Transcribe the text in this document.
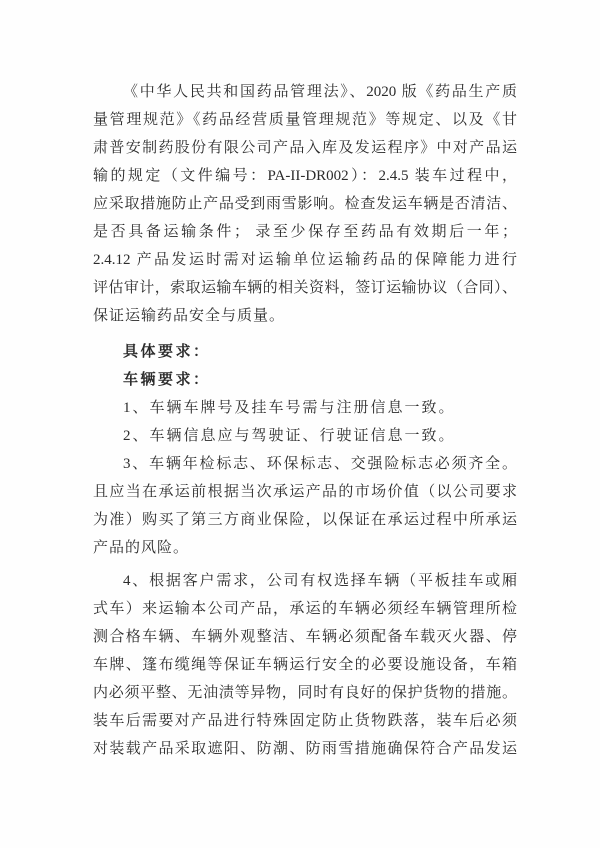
《中华人民共和国药品管理法》、2020 版《药品生产质
量管理规范》《药品经营质量管理规范》等规定、以及《甘
肃普安制药股份有限公司产品入库及发运程序》中对产品运
输的规定（文件编号：PA-II-DR002）：2.4.5 装车过程中，
应采取措施防止产品受到雨雪影响。检查发运车辆是否清洁、
是否具备运输条件； 录至少保存至药品有效期后一年；
2.4.12 产品发运时需对运输单位运输药品的保障能力进行
评估审计，索取运输车辆的相关资料，签订运输协议（合同）、
保证运输药品安全与质量。
具体要求：
车辆要求：
1、车辆车牌号及挂车号需与注册信息一致。
2、车辆信息应与驾驶证、行驶证信息一致。
3、车辆年检标志、环保标志、交强险标志必须齐全。
且应当在承运前根据当次承运产品的市场价值（以公司要求
为准）购买了第三方商业保险，以保证在承运过程中所承运
产品的风险。
4、根据客户需求，公司有权选择车辆（平板挂车或厢
式车）来运输本公司产品，承运的车辆必须经车辆管理所检
测合格车辆、车辆外观整洁、车辆必须配备车载灭火器、停
车牌、篷布缆绳等保证车辆运行安全的必要设施设备，车箱
内必须平整、无油渍等异物，同时有良好的保护货物的措施。
装车后需要对产品进行特殊固定防止货物跌落，装车后必须
对装载产品采取遮阳、防潮、防雨雪措施确保符合产品发运
